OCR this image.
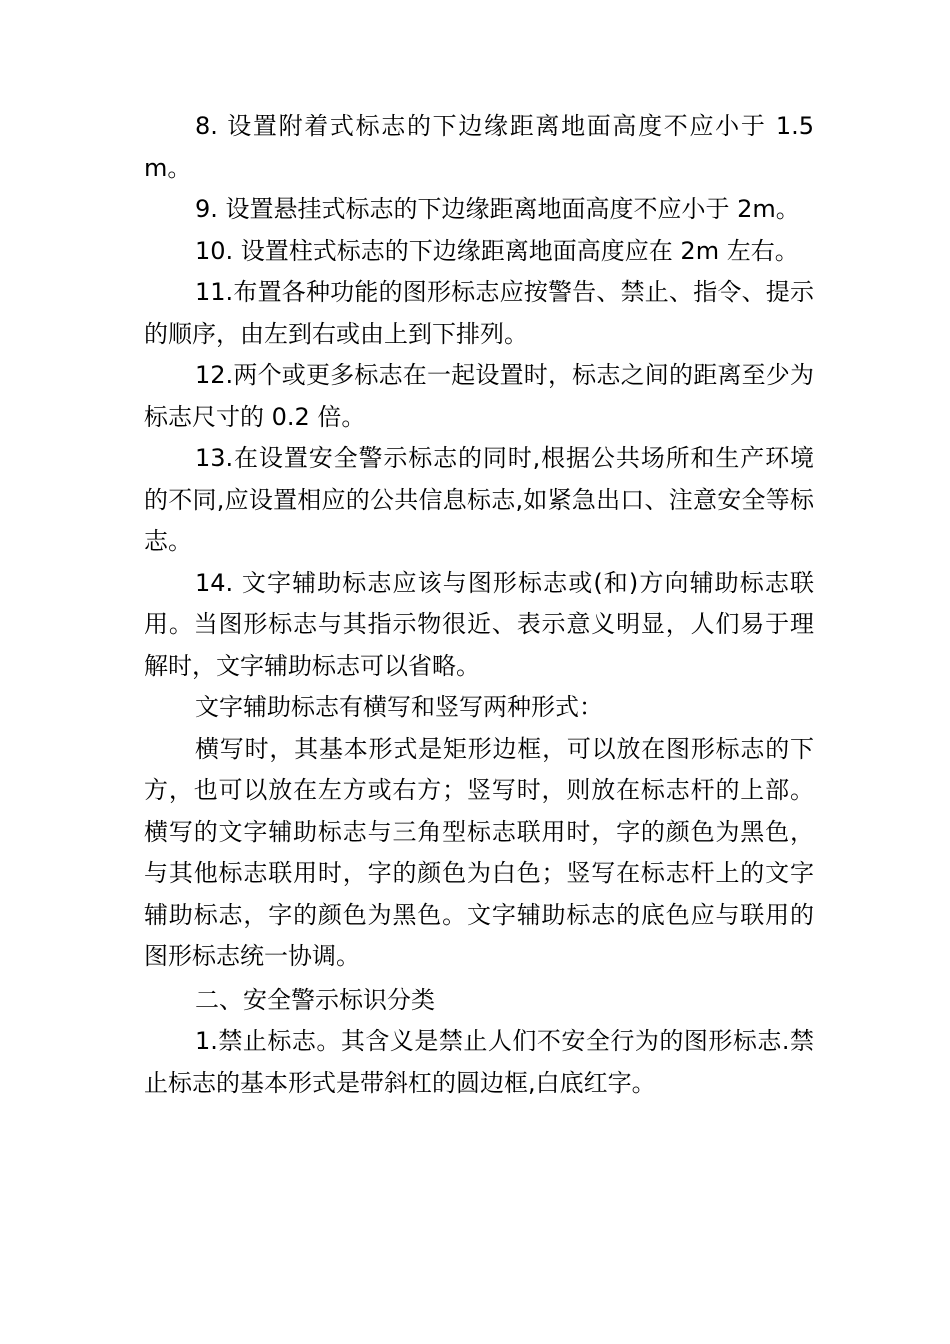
8. 设置附着式标志的下边缘距离地面高度不应小于 1.5m。

9. 设置悬挂式标志的下边缘距离地面高度不应小于 2m。

10. 设置柱式标志的下边缘距离地面高度应在 2m 左右。

11.布置各种功能的图形标志应按警告、禁止、指令、提示的顺序，由左到右或由上到下排列。

12.两个或更多标志在一起设置时，标志之间的距离至少为标志尺寸的 0.2 倍。

13.在设置安全警示标志的同时,根据公共场所和生产环境的不同,应设置相应的公共信息标志,如紧急出口、注意安全等标志。

14. 文字辅助标志应该与图形标志或(和)方向辅助标志联用。当图形标志与其指示物很近、表示意义明显，人们易于理解时，文字辅助标志可以省略。

文字辅助标志有横写和竖写两种形式：

横写时，其基本形式是矩形边框，可以放在图形标志的下方，也可以放在左方或右方；竖写时，则放在标志杆的上部。横写的文字辅助标志与三角型标志联用时，字的颜色为黑色，与其他标志联用时，字的颜色为白色；竖写在标志杆上的文字辅助标志，字的颜色为黑色。文字辅助标志的底色应与联用的图形标志统一协调。

二、安全警示标识分类

1.禁止标志。其含义是禁止人们不安全行为的图形标志.禁止标志的基本形式是带斜杠的圆边框,白底红字。
